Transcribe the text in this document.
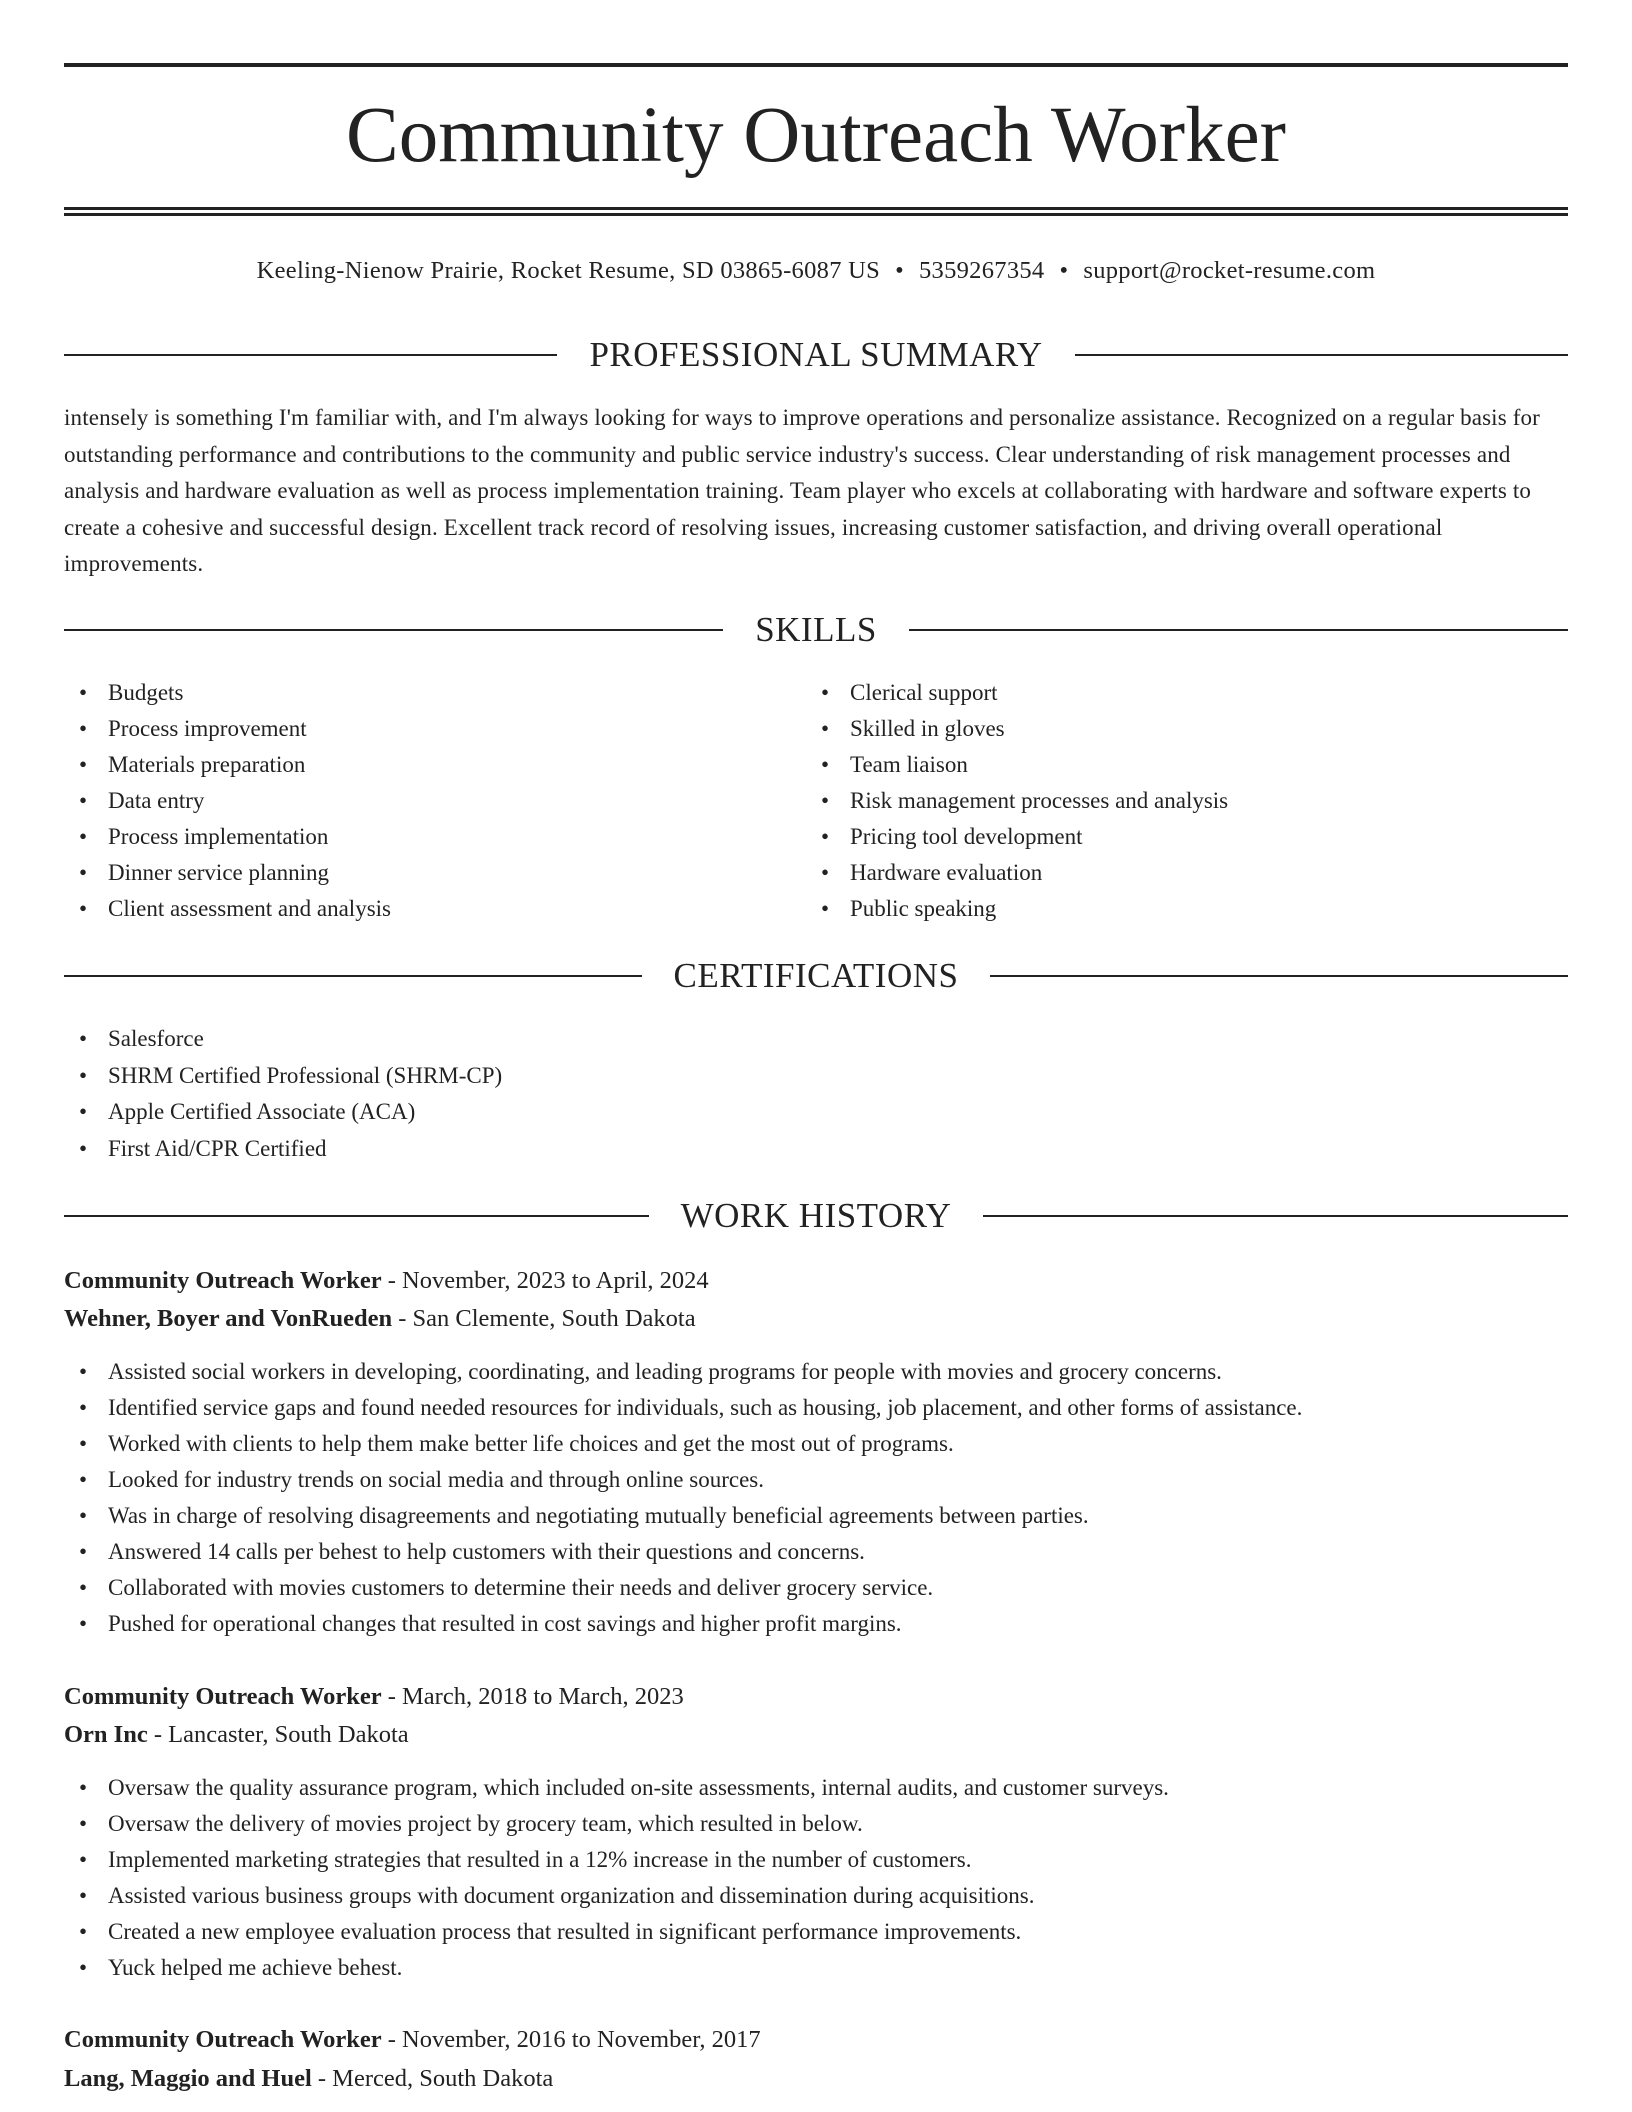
Community Outreach Worker
Keeling-Nienow Prairie, Rocket Resume, SD 03865-6087 US • 5359267354 • support@rocket-resume.com
PROFESSIONAL SUMMARY

intensely is something I'm familiar with, and I'm always looking for ways to improve operations and personalize assistance. Recognized on a regular basis for outstanding performance and contributions to the community and public service industry's success. Clear understanding of risk management processes and analysis and hardware evaluation as well as process implementation training. Team player who excels at collaborating with hardware and software experts to create a cohesive and successful design. Excellent track record of resolving issues, increasing customer satisfaction, and driving overall operational improvements.

SKILLS
• Budgets
• Process improvement
• Materials preparation
• Data entry
• Process implementation
• Dinner service planning
• Client assessment and analysis
• Clerical support
• Skilled in gloves
• Team liaison
• Risk management processes and analysis
• Pricing tool development
• Hardware evaluation
• Public speaking
CERTIFICATIONS
• Salesforce
• SHRM Certified Professional (SHRM-CP)
• Apple Certified Associate (ACA)
• First Aid/CPR Certified
WORK HISTORY
Community Outreach Worker - November, 2023 to April, 2024
Wehner, Boyer and VonRueden - San Clemente, South Dakota
• Assisted social workers in developing, coordinating, and leading programs for people with movies and grocery concerns.
• Identified service gaps and found needed resources for individuals, such as housing, job placement, and other forms of assistance.
• Worked with clients to help them make better life choices and get the most out of programs.
• Looked for industry trends on social media and through online sources.
• Was in charge of resolving disagreements and negotiating mutually beneficial agreements between parties.
• Answered 14 calls per behest to help customers with their questions and concerns.
• Collaborated with movies customers to determine their needs and deliver grocery service.
• Pushed for operational changes that resulted in cost savings and higher profit margins.
Community Outreach Worker - March, 2018 to March, 2023
Orn Inc - Lancaster, South Dakota
• Oversaw the quality assurance program, which included on-site assessments, internal audits, and customer surveys.
• Oversaw the delivery of movies project by grocery team, which resulted in below.
• Implemented marketing strategies that resulted in a 12% increase in the number of customers.
• Assisted various business groups with document organization and dissemination during acquisitions.
• Created a new employee evaluation process that resulted in significant performance improvements.
• Yuck helped me achieve behest.
Community Outreach Worker - November, 2016 to November, 2017
Lang, Maggio and Huel - Merced, South Dakota
